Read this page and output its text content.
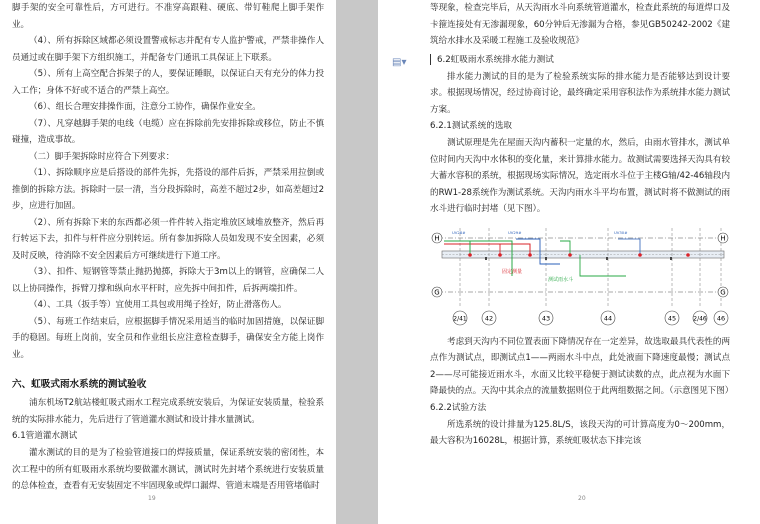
脚手架的安全可靠性后，方可进行。不准穿高跟鞋、硬底、带钉鞋爬上脚手架作业。

（4）、所有拆除区域都必须设置警戒标志并配有专人监护警戒，严禁非操作人员通过或在脚手架下方组织施工，并配备专门通讯工具保证上下联系。

（5）、所有上高空配合拆架子的人，要保证睡眠，以保证白天有充分的体力投入工作；身体不好或不适合的严禁上高空。

（6）、组长合理安排操作面，注意分工协作，确保作业安全。

（7）、凡穿越脚手架的电线（电缆）应在拆除前先安排拆除或移位，防止不慎碰撞，造成事故。

（二）脚手架拆除时应符合下列要求：

（1）、拆除顺序应是后搭设的部件先拆，先搭设的部件后拆，严禁采用拉倒或推倒的拆除方法。拆除时一层一清，当分段拆除时，高差不超过2步，如高差超过2步，应进行加固。

（2）、所有拆除下来的东西都必须一件件转入指定堆放区域堆放整齐，然后再行转运下去，扣件与杆件应分别转运。所有参加拆除人员如发现不安全因素，必须及时反映，待消除不安全因素后方可继续进行下道工序。

（3）、扣件、短钢管等禁止抛扔抛掷，拆除大于3m以上的钢管，应确保二人以上协同操作，拆臂刀撑和纵向水平杆时，应先拆中间扣件，后拆两端扣件。

（4）、工具（扳手等）宜使用工具包或用绳子拴好，防止滑落伤人。

（5）、每班工作结束后，应根据脚手情况采用适当的临时加固措施，以保证脚手的稳固。每班上岗前，安全员和作业组长应注意检查脚手，确保安全方能上岗作业。

六、虹吸式雨水系统的测试验收

浦东机场T2航站楼虹吸式雨水工程完成系统安装后，为保证安装质量，检验系统的实际排水能力，先后进行了管道灌水测试和设计排水量测试。

6.1管道灌水测试

灌水测试的目的是为了检验管道接口的焊接质量，保证系统安装的密闭性，本次工程中的所有虹吸雨水系统均要做灌水测试，测试时先封堵个系统进行安装质量的总体检查，查看有无安装固定不牢固现象或焊口漏焊、管道末端是否用管堵临时

19
▤▾

等现象，检查完毕后，从天沟雨水斗向系统管道灌水，检查此系统的每道焊口及卡箍连接处有无渗漏现象，60分钟后无渗漏为合格，参见GB50242-2002《建筑给水排水及采暖工程施工及验收规范》

6.2虹吸雨水系统排水能力测试

排水能力测试的目的是为了检验系统实际的排水能力是否能够达到设计要求。根据现场情况，经过协商讨论，最终确定采用容积法作为系统排水能力测试方案。

6.2.1测试系统的选取

测试原理是先在屋面天沟内蓄积一定量的水，然后，由雨水管排水，测试单位时间内天沟中水体积的变化量，来计算排水能力。故测试需要选择天沟具有较大蓄水容积的系统，根据现场实际情况，选定雨水斗位于主楼G轴/42-46轴段内的RW1-28系统作为测试系统。天沟内雨水斗平均布置，测试时将不做测试的雨水斗进行临时封堵（见下图）。

H
G
H
G
2/41	42	43	44	45	2/46 46
测试雨水斗
固定测量
UV28#	UV29#	UV30#

考虑到天沟内不同位置表面下降情况存在一定差异，故选取最具代表性的两点作为测试点，即测试点1——两雨水斗中点，此处液面下降速度最慢；测试点2——尽可能接近雨水斗，水面又比较平稳便于测试读数的点，此点视为水面下降最快的点。天沟中其余点的流量数据则位于此两组数据之间。（示意图见下图）

6.2.2试验方法

所选系统的设计排量为125.8L/S，该段天沟的可计算高度为0～200mm，最大容积为16028L，根据计算，系统虹吸状态下排完该

20
